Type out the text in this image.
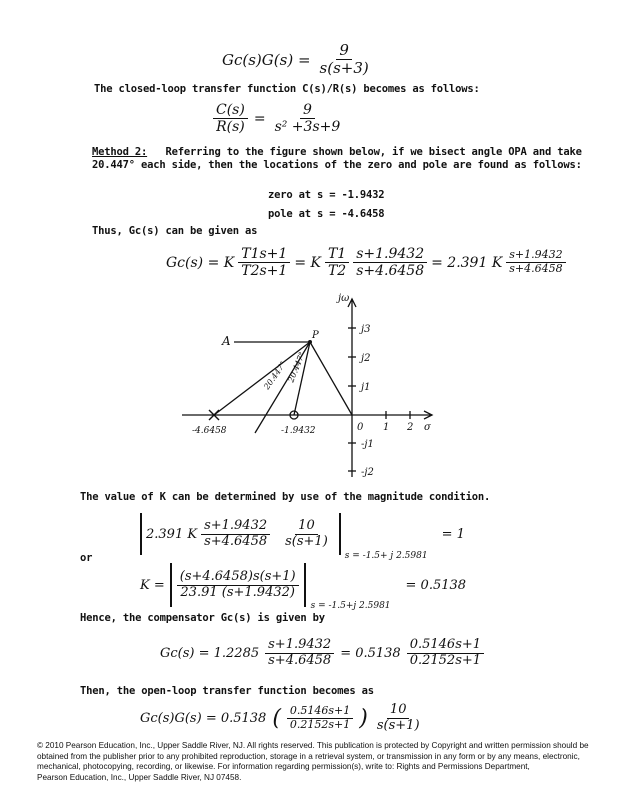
$Gc(s)G(s) = \frac{9}{s(s+3)}$
The closed-loop transfer function C(s)/R(s) becomes as follows:
$\frac{C(s)}{R(s)} = \frac{9}{\text{s² +3s+9}}$
Method 2: Referring to the figure shown below, if we bisect angle OPA and take
20.447° each side, then the locations of the zero and pole are found as follows:
zero at s = -1.9432
pole at s = -4.6458
Thus, Gc(s) can be given as
Gc(s) = K $\frac{T1s+1}{T2s+1} = K \frac{T1}{T2} \frac{s+1.9432}{s+4.6458} = 2.391$ K $\frac{s+1.9432}{s+4.6458}$
jω
A	P
j3
j2
j1
-j1
-j2
0 1 2 σ
-4.6458	-1.9432
20.447°
20.447°
The value of K can be determined by use of the magnitude condition.
2.391 K $\frac{s+1.9432}{s+4.6458} \frac{10}{s(s+1)}$
s = -1.5+ j 2.5981
= 1
or
$K = \frac{(s+4.6458)s(s+1)}{23.91 (s+1.9432)}$
s = -1.5+j 2.5981
= 0.5138
Hence, the compensator Gc(s) is given by
$Gc(s) = 1.2285 \frac{s+1.9432}{s+4.6458} = 0.5138 \frac{0.5146s+1}{0.2152s+1}$
Then, the open-loop transfer function becomes as
Gc(s)G(s) = 0.5138 ( $\frac{0.5146s+1}{0.2152s+1}$ ) $\frac{10}{s(s+1)}$
© 2010 Pearson Education, Inc., Upper Saddle River, NJ. All rights reserved. This publication is protected by Copyright and written permission should be
obtained from the publisher prior to any prohibited reproduction, storage in a retrieval system, or transmission in any form or by any means, electronic,
mechanical, photocopying, recording, or likewise. For information regarding permission(s), write to: Rights and Permissions Department,
Pearson Education, Inc., Upper Saddle River, NJ 07458.
